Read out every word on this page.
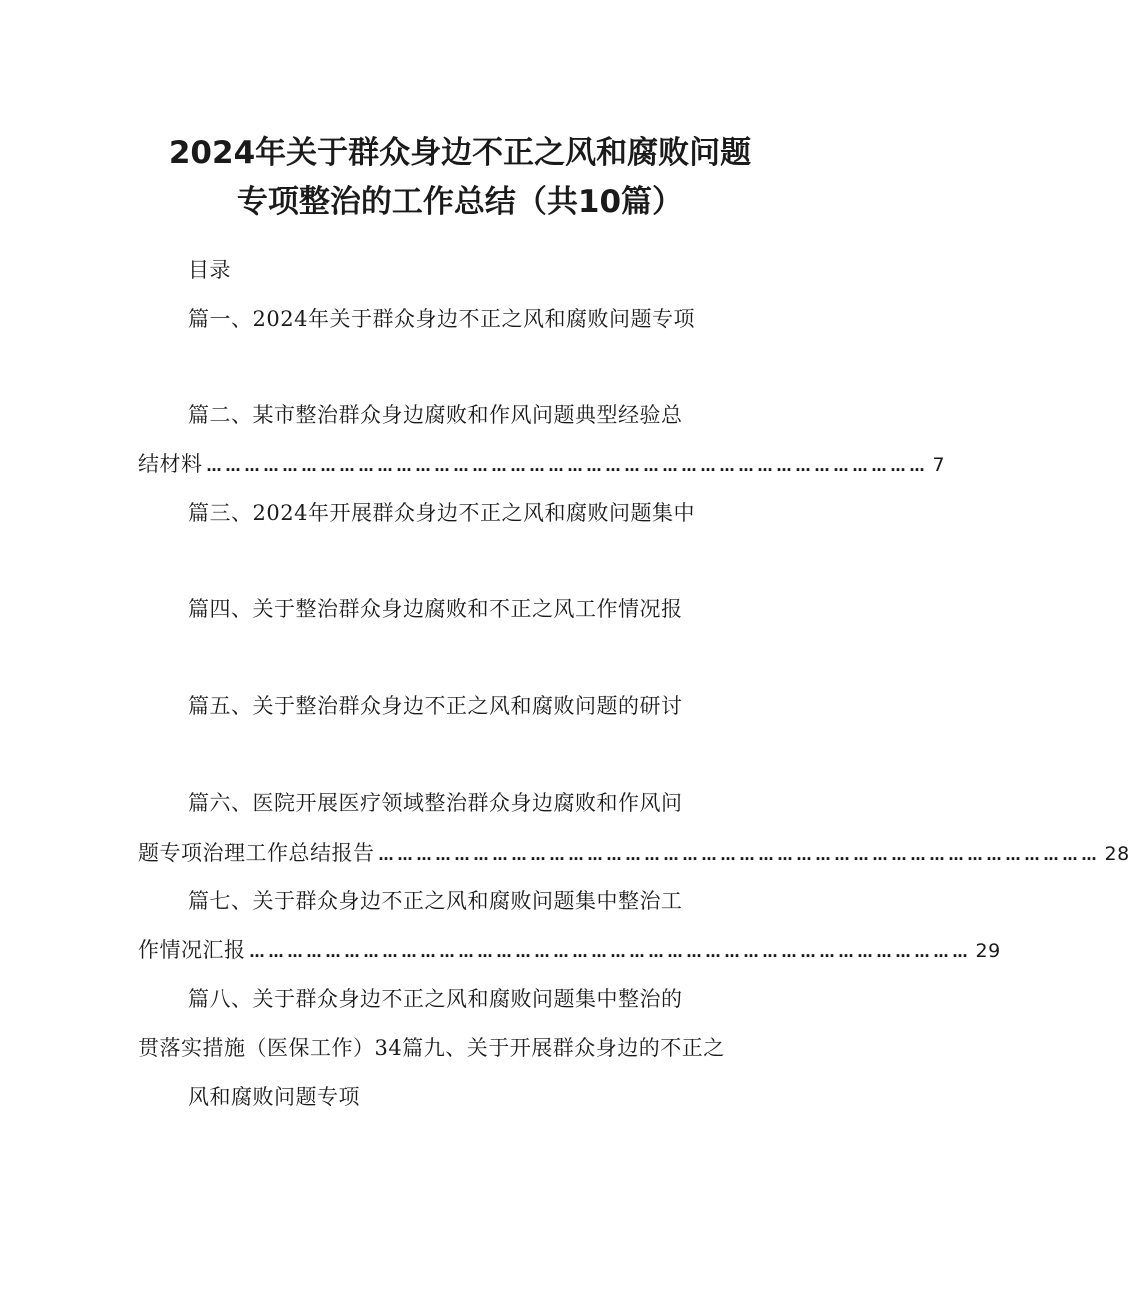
2024年关于群众身边不正之风和腐败问题
专项整治的工作总结（共10篇）
目录
篇一、2024年关于群众身边不正之风和腐败问题专项
篇二、某市整治群众身边腐败和作风问题典型经验总
结材料 …………………………………………………………………………………………………… 7
篇三、2024年开展群众身边不正之风和腐败问题集中
篇四、关于整治群众身边腐败和不正之风工作情况报
篇五、关于整治群众身边不正之风和腐败问题的研讨
篇六、医院开展医疗领域整治群众身边腐败和作风问
题专项治理工作总结报告 …………………………………………………………………………………………………… 28
篇七、关于群众身边不正之风和腐败问题集中整治工
作情况汇报 …………………………………………………………………………………………………… 29
篇八、关于群众身边不正之风和腐败问题集中整治的
贯落实措施（医保工作）34篇九、关于开展群众身边的不正之
风和腐败问题专项
